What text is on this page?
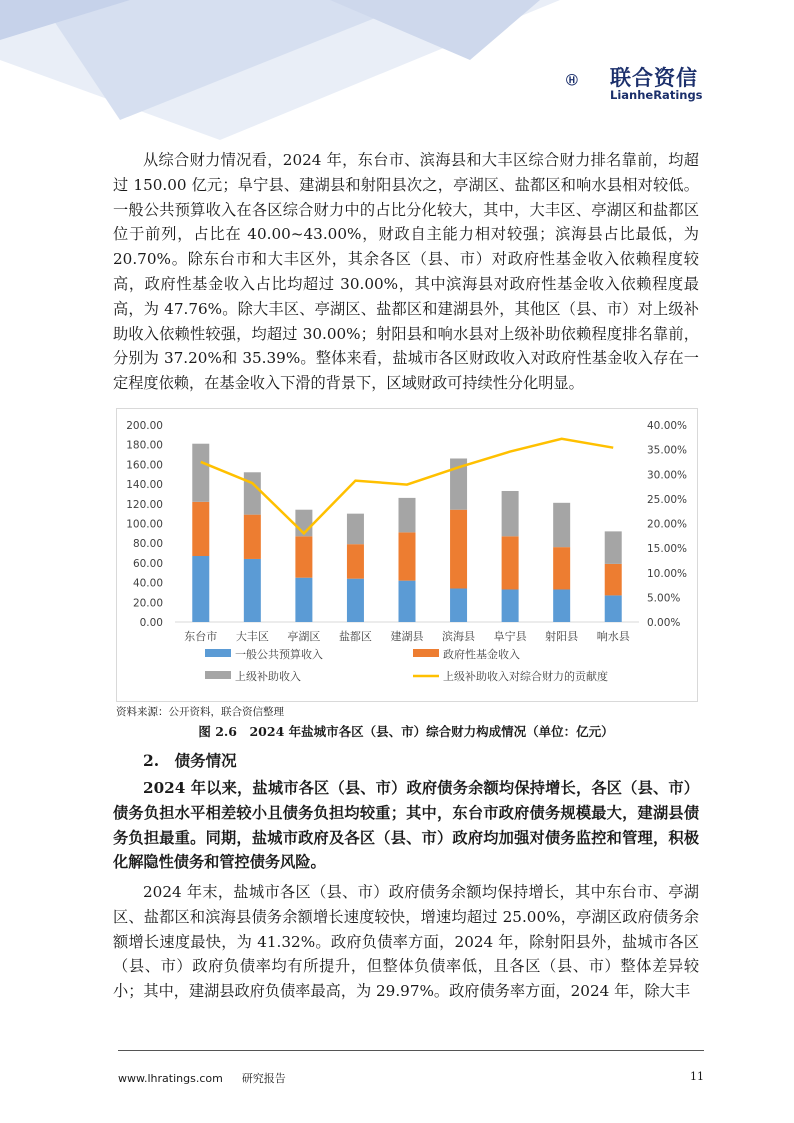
联合资信
LianheRatings

从综合财力情况看，2024 年，东台市、滨海县和大丰区综合财力排名靠前，均超过 150.00 亿元；阜宁县、建湖县和射阳县次之，亭湖区、盐都区和响水县相对较低。一般公共预算收入在各区综合财力中的占比分化较大，其中，大丰区、亭湖区和盐都区位于前列，占比在 40.00~43.00%，财政自主能力相对较强；滨海县占比最低，为 20.70%。除东台市和大丰区外，其余各区（县、市）对政府性基金收入依赖程度较高，政府性基金收入占比均超过 30.00%，其中滨海县对政府性基金收入依赖程度最高，为 47.76%。除大丰区、亭湖区、盐都区和建湖县外，其他区（县、市）对上级补助收入依赖性较强，均超过 30.00%；射阳县和响水县对上级补助依赖程度排名靠前，分别为 37.20%和 35.39%。整体来看，盐城市各区财政收入对政府性基金收入存在一定程度依赖，在基金收入下滑的背景下，区域财政可持续性分化明显。

0.00
20.00
40.00
60.00
80.00
100.00
120.00
140.00
160.00
180.00
200.00
0.00%
5.00%
10.00%
15.00%
20.00%
25.00%
30.00%
35.00%
40.00%
东台市 大丰区 亭湖区 盐都区 建湖县 滨海县 阜宁县 射阳县 响水县
一般公共预算收入	政府性基金收入
上级补助收入	上级补助收入对综合财力的贡献度
资料来源：公开资料，联合资信整理
图 2.6　2024 年盐城市各区（县、市）综合财力构成情况（单位：亿元）
2.　债务情况

2024 年以来，盐城市各区（县、市）政府债务余额均保持增长，各区（县、市）债务负担水平相差较小且债务负担均较重；其中，东台市政府债务规模最大，建湖县债务负担最重。同期，盐城市政府及各区（县、市）政府均加强对债务监控和管理，积极化解隐性债务和管控债务风险。

2024 年末，盐城市各区（县、市）政府债务余额均保持增长，其中东台市、亭湖区、盐都区和滨海县债务余额增长速度较快，增速均超过 25.00%，亭湖区政府债务余额增长速度最快，为 41.32%。政府负债率方面，2024 年，除射阳县外，盐城市各区（县、市）政府负债率均有所提升，但整体负债率低，且各区（县、市）整体差异较小；其中，建湖县政府负债率最高，为 29.97%。政府债务率方面，2024 年，除大丰

www.lhratings.com 研究报告	11
